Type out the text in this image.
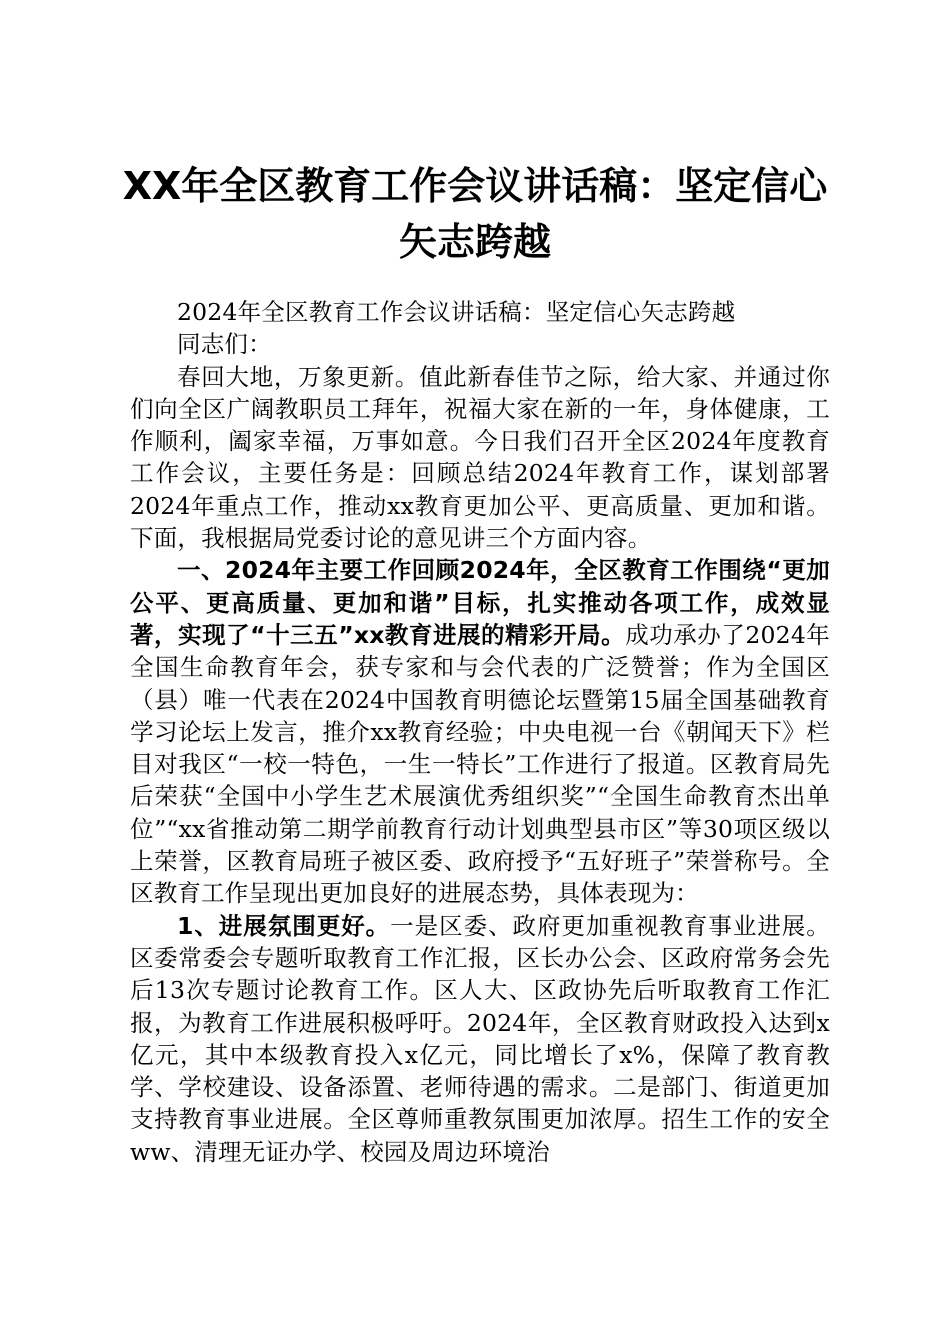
XX年全区教育工作会议讲话稿：坚定信心矢志跨越

2024年全区教育工作会议讲话稿：坚定信心矢志跨越

同志们：

春回大地，万象更新。值此新春佳节之际，给大家、并通过你们向全区广阔教职员工拜年，祝福大家在新的一年，身体健康，工作顺利，阖家幸福，万事如意。今日我们召开全区2024年度教育工作会议，主要任务是：回顾总结2024年教育工作，谋划部署2024年重点工作，推动xx教育更加公平、更高质量、更加和谐。下面，我根据局党委讨论的意见讲三个方面内容。

一、2024年主要工作回顾2024年，全区教育工作围绕“更加公平、更高质量、更加和谐”目标，扎实推动各项工作，成效显著，实现了“十三五”xx教育进展的精彩开局。成功承办了2024年全国生命教育年会，获专家和与会代表的广泛赞誉；作为全国区（县）唯一代表在2024中国教育明德论坛暨第15届全国基础教育学习论坛上发言，推介xx教育经验；中央电视一台《朝闻天下》栏目对我区“一校一特色，一生一特长”工作进行了报道。区教育局先后荣获“全国中小学生艺术展演优秀组织奖”“全国生命教育杰出单位”“xx省推动第二期学前教育行动计划典型县市区”等30项区级以上荣誉，区教育局班子被区委、政府授予“五好班子”荣誉称号。全区教育工作呈现出更加良好的进展态势，具体表现为：

1、进展氛围更好。一是区委、政府更加重视教育事业进展。区委常委会专题听取教育工作汇报，区长办公会、区政府常务会先后13次专题讨论教育工作。区人大、区政协先后听取教育工作汇报，为教育工作进展积极呼吁。2024年，全区教育财政投入达到x亿元，其中本级教育投入x亿元，同比增长了x%，保障了教育教学、学校建设、设备添置、老师待遇的需求。二是部门、街道更加支持教育事业进展。全区尊师重教氛围更加浓厚。招生工作的安全ww、清理无证办学、校园及周边环境治
